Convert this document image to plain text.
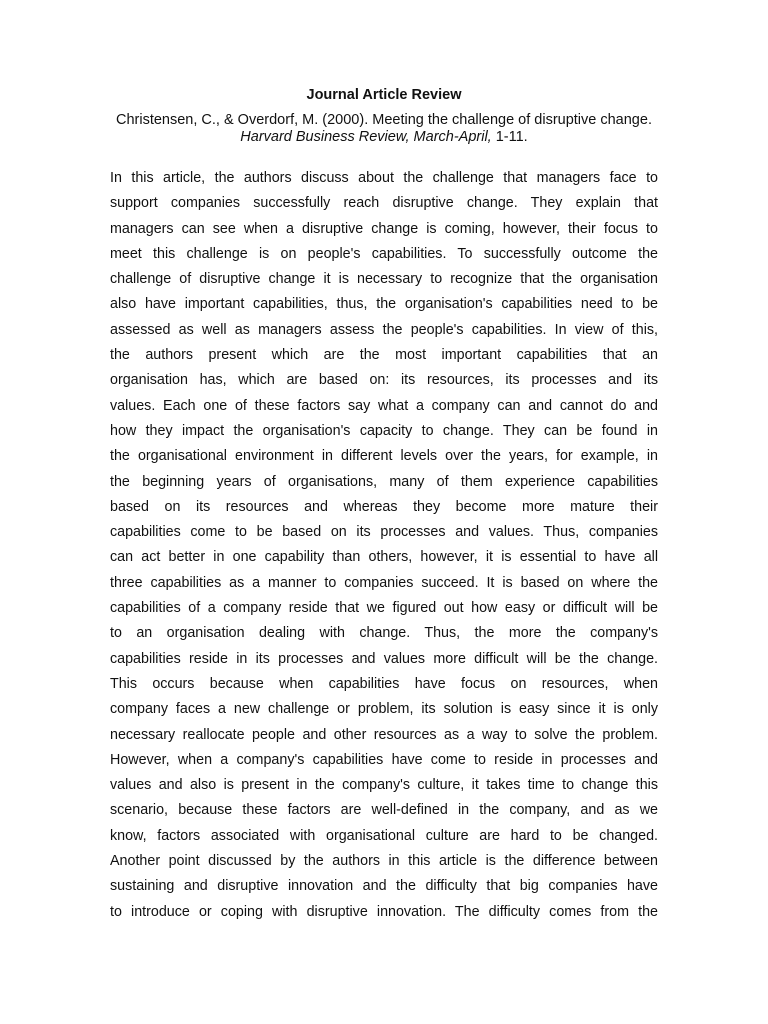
Journal Article Review
Christensen, C., & Overdorf, M. (2000). Meeting the challenge of disruptive change. Harvard Business Review, March-April, 1-11.
In this article, the authors discuss about the challenge that managers face to
support companies successfully reach disruptive change. They explain that
managers can see when a disruptive change is coming, however, their focus to
meet this challenge is on people's capabilities. To successfully outcome the
challenge of disruptive change it is necessary to recognize that the organisation
also have important capabilities, thus, the organisation's capabilities need to be
assessed as well as managers assess the people's capabilities. In view of this,
the authors present which are the most important capabilities that an
organisation has, which are based on: its resources, its processes and its
values. Each one of these factors say what a company can and cannot do and
how they impact the organisation's capacity to change. They can be found in
the organisational environment in different levels over the years, for example, in
the beginning years of organisations, many of them experience capabilities
based on its resources and whereas they become more mature their
capabilities come to be based on its processes and values. Thus, companies
can act better in one capability than others, however, it is essential to have all
three capabilities as a manner to companies succeed. It is based on where the
capabilities of a company reside that we figured out how easy or difficult will be
to an organisation dealing with change. Thus, the more the company's
capabilities reside in its processes and values more difficult will be the change.
This occurs because when capabilities have focus on resources, when
company faces a new challenge or problem, its solution is easy since it is only
necessary reallocate people and other resources as a way to solve the problem.
However, when a company's capabilities have come to reside in processes and
values and also is present in the company's culture, it takes time to change this
scenario, because these factors are well-defined in the company, and as we
know, factors associated with organisational culture are hard to be changed.
Another point discussed by the authors in this article is the difference between
sustaining and disruptive innovation and the difficulty that big companies have
to introduce or coping with disruptive innovation. The difficulty comes from the
